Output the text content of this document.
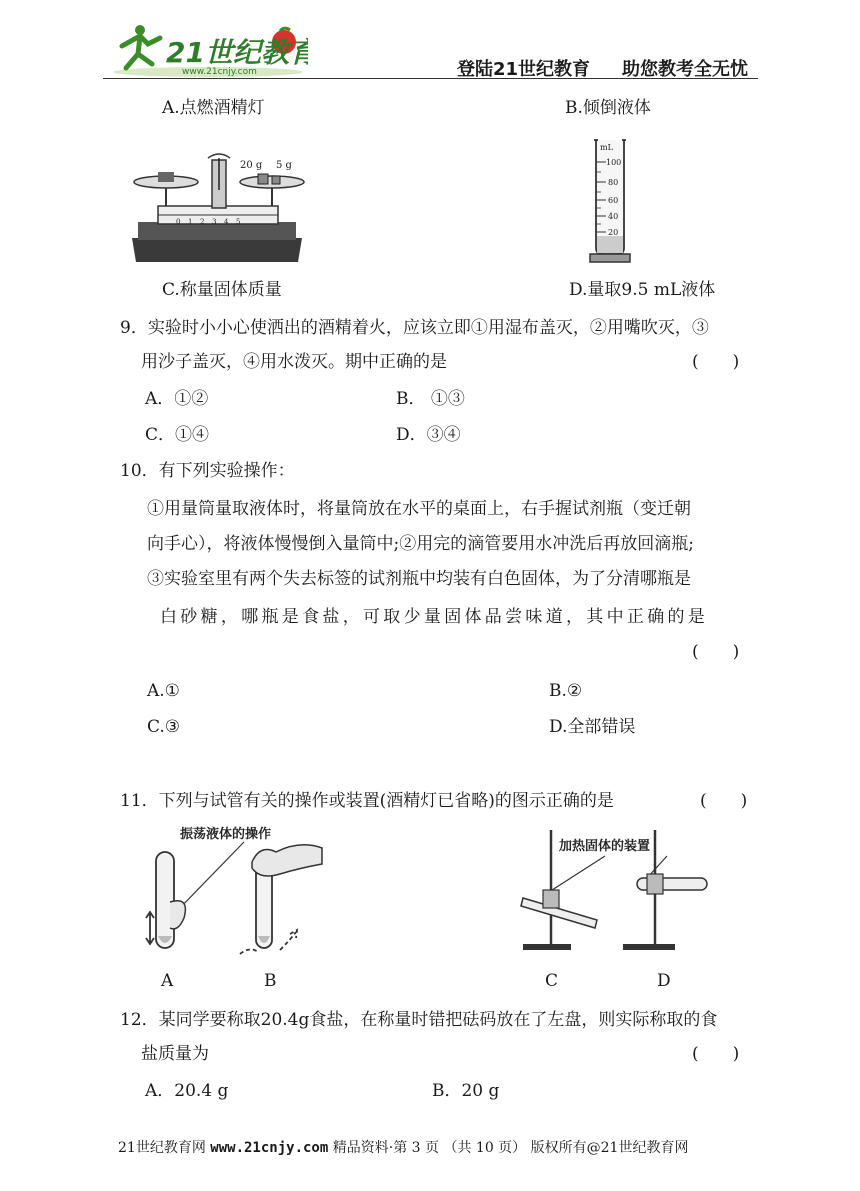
21世纪教育
www.21cnjy.com	登陆21世纪教育 助您教考全无忧
A.点燃酒精灯	B.倾倒液体
0 1 2 3 4 5
20 g 5 g
mL
100
80
60
40
20
C.称量固体质量	D.量取9.5 mL液体
9．实验时小小心使洒出的酒精着火，应该立即①用湿布盖灭，②用嘴吹灭，③
用沙子盖灭，④用水泼灭。期中正确的是	(　　)
A．①②	B． ①③
C．①④	D．③④
10．有下列实验操作：
①用量筒量取液体时，将量筒放在水平的桌面上，右手握试剂瓶（变迁朝
向手心），将液体慢慢倒入量筒中;②用完的滴管要用水冲洗后再放回滴瓶;
③实验室里有两个失去标签的试剂瓶中均装有白色固体，为了分清哪瓶是
白砂糖，哪瓶是食盐，可取少量固体品尝味道，其中正确的是
(　　)
A.①	B.②
C.③	D.全部错误
11．下列与试管有关的操作或装置(酒精灯已省略)的图示正确的是	(　　)
振荡液体的操作
A	B
加热固体的装置
C	D
12．某同学要称取20.4g食盐，在称量时错把砝码放在了左盘，则实际称取的食
盐质量为	(　　)
A．20.4 g	B．20 g
21世纪教育网 www.21cnjy.com 精品资料·第 3 页 （共 10 页） 版权所有@21世纪教育网
